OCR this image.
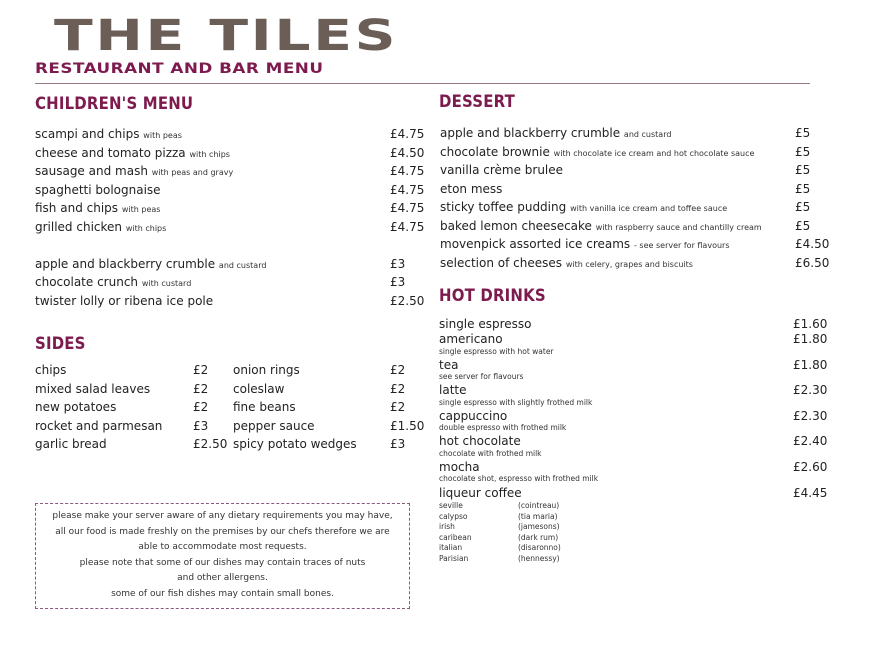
THE TILES
RESTAURANT AND BAR MENU
CHILDREN'S MENU
scampi and chips with peas	£4.75
cheese and tomato pizza with chips	£4.50
sausage and mash with peas and gravy	£4.75
spaghetti bolognaise	£4.75
fish and chips with peas	£4.75
grilled chicken with chips	£4.75
apple and blackberry crumble and custard	£3
chocolate crunch with custard	£3
twister lolly or ribena ice pole	£2.50
SIDES
chips	£2 onion rings	£2
mixed salad leaves	£2 coleslaw	£2
new potatoes	£2 fine beans	£2
rocket and parmesan	£3 pepper sauce	£1.50
garlic bread	£2.50 spicy potato wedges	£3
please make your server aware of any dietary requirements you may have,
all our food is made freshly on the premises by our chefs therefore we are
able to accommodate most requests.
please note that some of our dishes may contain traces of nuts
and other allergens.
some of our fish dishes may contain small bones.
DESSERT
apple and blackberry crumble and custard	£5
chocolate brownie with chocolate ice cream and hot chocolate sauce	£5
vanilla crème brulee	£5
eton mess	£5
sticky toffee pudding with vanilla ice cream and toffee sauce	£5
baked lemon cheesecake with raspberry sauce and chantilly cream	£5
movenpick assorted ice creams - see server for flavours	£4.50
selection of cheeses with celery, grapes and biscuits	£6.50
HOT DRINKS
single espresso	£1.60
americano	£1.80
single espresso with hot water
tea	£1.80
see server for flavours
latte	£2.30
single espresso with slightly frothed milk
cappuccino	£2.30
double espresso with frothed milk
hot chocolate	£2.40
chocolate with frothed milk
mocha	£2.60
chocolate shot, espresso with frothed milk
liqueur coffee	£4.45
seville	(cointreau)
calypso	(tia maria)
irish	(jamesons)
caribean	(dark rum)
italian	(disaronno)
Parisian	(hennessy)
